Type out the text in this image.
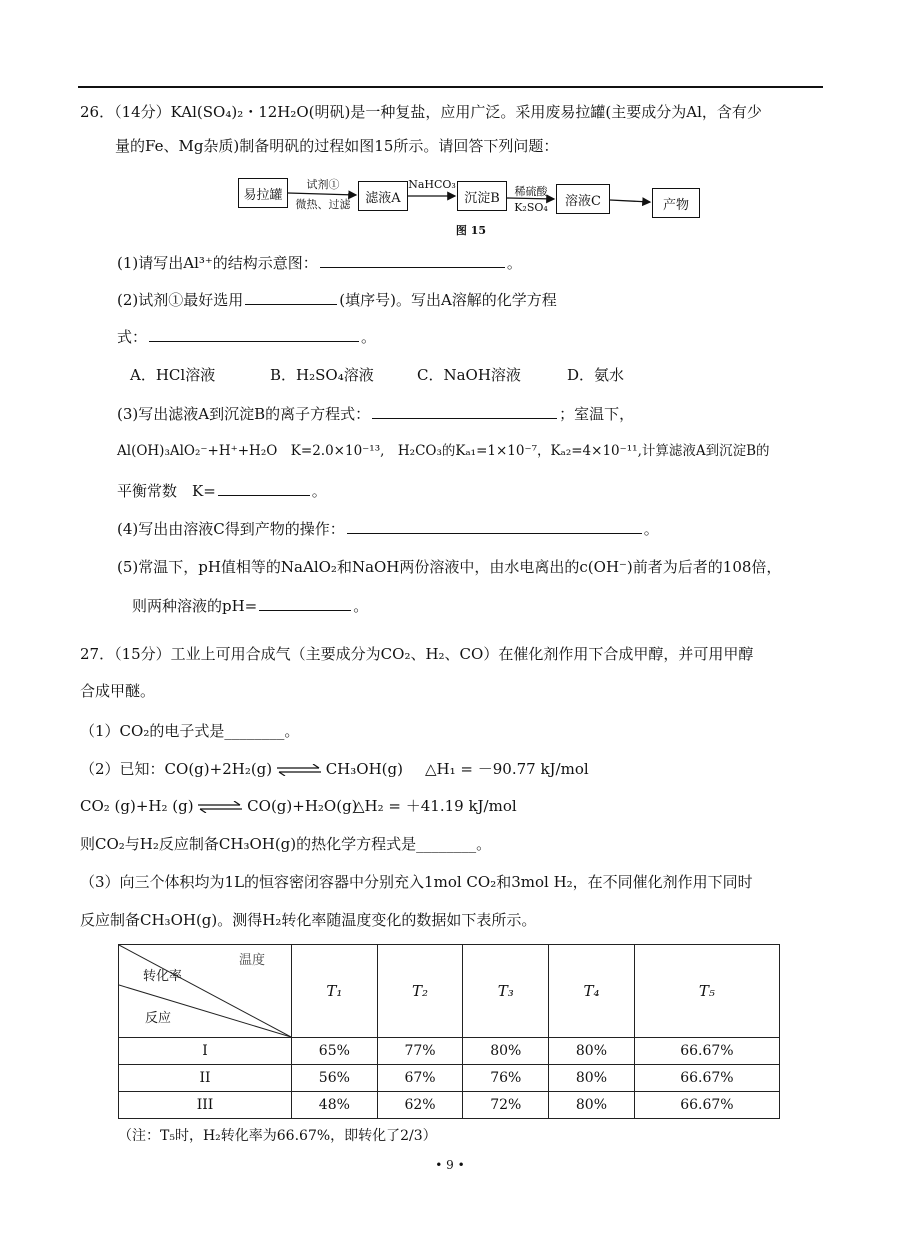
26．（14分）KAl(SO₄)₂・12H₂O(明矾)是一种复盐，应用广泛。采用废易拉罐(主要成分为Al，含有少
量的Fe、Mg杂质)制备明矾的过程如图15所示。请回答下列问题：
易拉罐	滤液A	沉淀B	溶液C	产物
试剂①
微热、过滤
NaHCO₃
稀硫酸
K₂SO₄
图 15
(1)请写出Al³⁺的结构示意图：	。
(2)试剂①最好选用	(填序号)。写出A溶解的化学方程
式：	。
A．HCl溶液	B．H₂SO₄溶液	C．NaOH溶液	D．氨水
(3)写出滤液A到沉淀B的离子方程式：	；室温下，
Al(OH)₃AlO₂⁻+H⁺+H₂O　K=2.0×10⁻¹³,　H₂CO₃的Kₐ₁=1×10⁻⁷，Kₐ₂=4×10⁻¹¹,计算滤液A到沉淀B的
平衡常数　K=	。
(4)写出由溶液C得到产物的操作：	。
(5)常温下，pH值相等的NaAlO₂和NaOH两份溶液中，由水电离出的c(OH⁻)前者为后者的108倍，
则两种溶液的pH=	。
27．（15分）工业上可用合成气（主要成分为CO₂、H₂、CO）在催化剂作用下合成甲醇，并可用甲醇
合成甲醚。
（1）CO₂的电子式是________。
（2）已知：CO(g)+2H₂(g) ⇌ CH₃OH(g) △H₁ = －90.77 kJ/mol
CO₂ (g)+H₂ (g) ⇌ CO(g)+H₂O(g)
△H₂ = ＋41.19 kJ/mol
则CO₂与H₂反应制备CH₃OH(g)的热化学方程式是________。
（3）向三个体积均为1L的恒容密闭容器中分别充入1mol CO₂和3mol H₂，在不同催化剂作用下同时
反应制备CH₃OH(g)。测得H₂转化率随温度变化的数据如下表所示。
温度
转化率
反应	T₁	T₂	T₃	T₄	T₅
I	65%	77%	80%	80%	66.67%
II	56%	67%	76%	80%	66.67%
III	48%	62%	72%	80%	66.67%
（注：T₅时，H₂转化率为66.67%，即转化了2/3）
• 9 •
